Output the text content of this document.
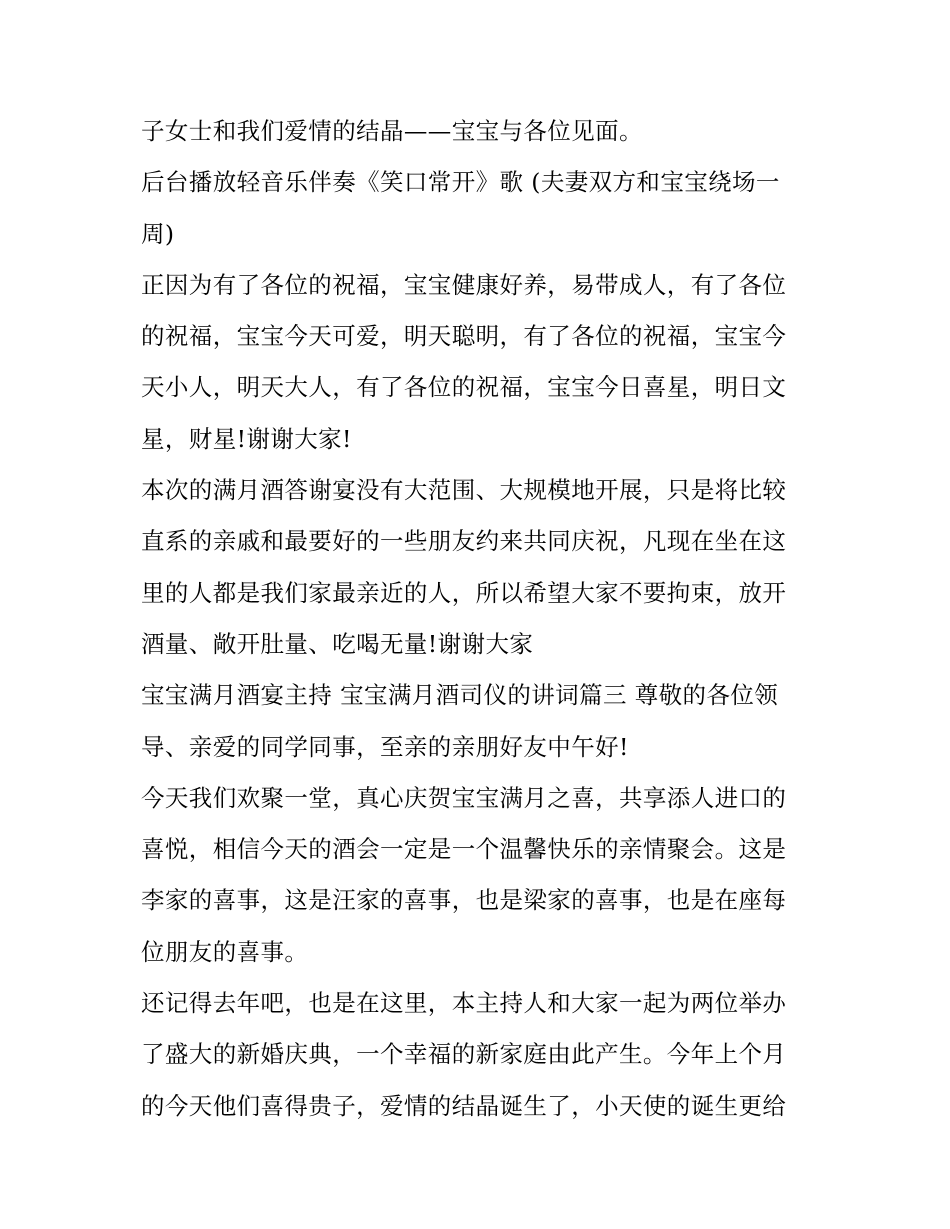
子女士和我们爱情的结晶——宝宝与各位见面。
后台播放轻音乐伴奏《笑口常开》歌 (夫妻双方和宝宝绕场一
周)
正因为有了各位的祝福，宝宝健康好养，易带成人，有了各位
的祝福，宝宝今天可爱，明天聪明，有了各位的祝福，宝宝今
天小人，明天大人，有了各位的祝福，宝宝今日喜星，明日文
星，财星!谢谢大家!
本次的满月酒答谢宴没有大范围、大规模地开展，只是将比较
直系的亲戚和最要好的一些朋友约来共同庆祝，凡现在坐在这
里的人都是我们家最亲近的人，所以希望大家不要拘束，放开
酒量、敞开肚量、吃喝无量!谢谢大家
宝宝满月酒宴主持 宝宝满月酒司仪的讲词篇三 尊敬的各位领
导、亲爱的同学同事，至亲的亲朋好友中午好!
今天我们欢聚一堂，真心庆贺宝宝满月之喜，共享添人进口的
喜悦，相信今天的酒会一定是一个温馨快乐的亲情聚会。这是
李家的喜事，这是汪家的喜事，也是梁家的喜事，也是在座每
位朋友的喜事。
还记得去年吧，也是在这里，本主持人和大家一起为两位举办
了盛大的新婚庆典，一个幸福的新家庭由此产生。今年上个月
的今天他们喜得贵子，爱情的结晶诞生了，小天使的诞生更给
